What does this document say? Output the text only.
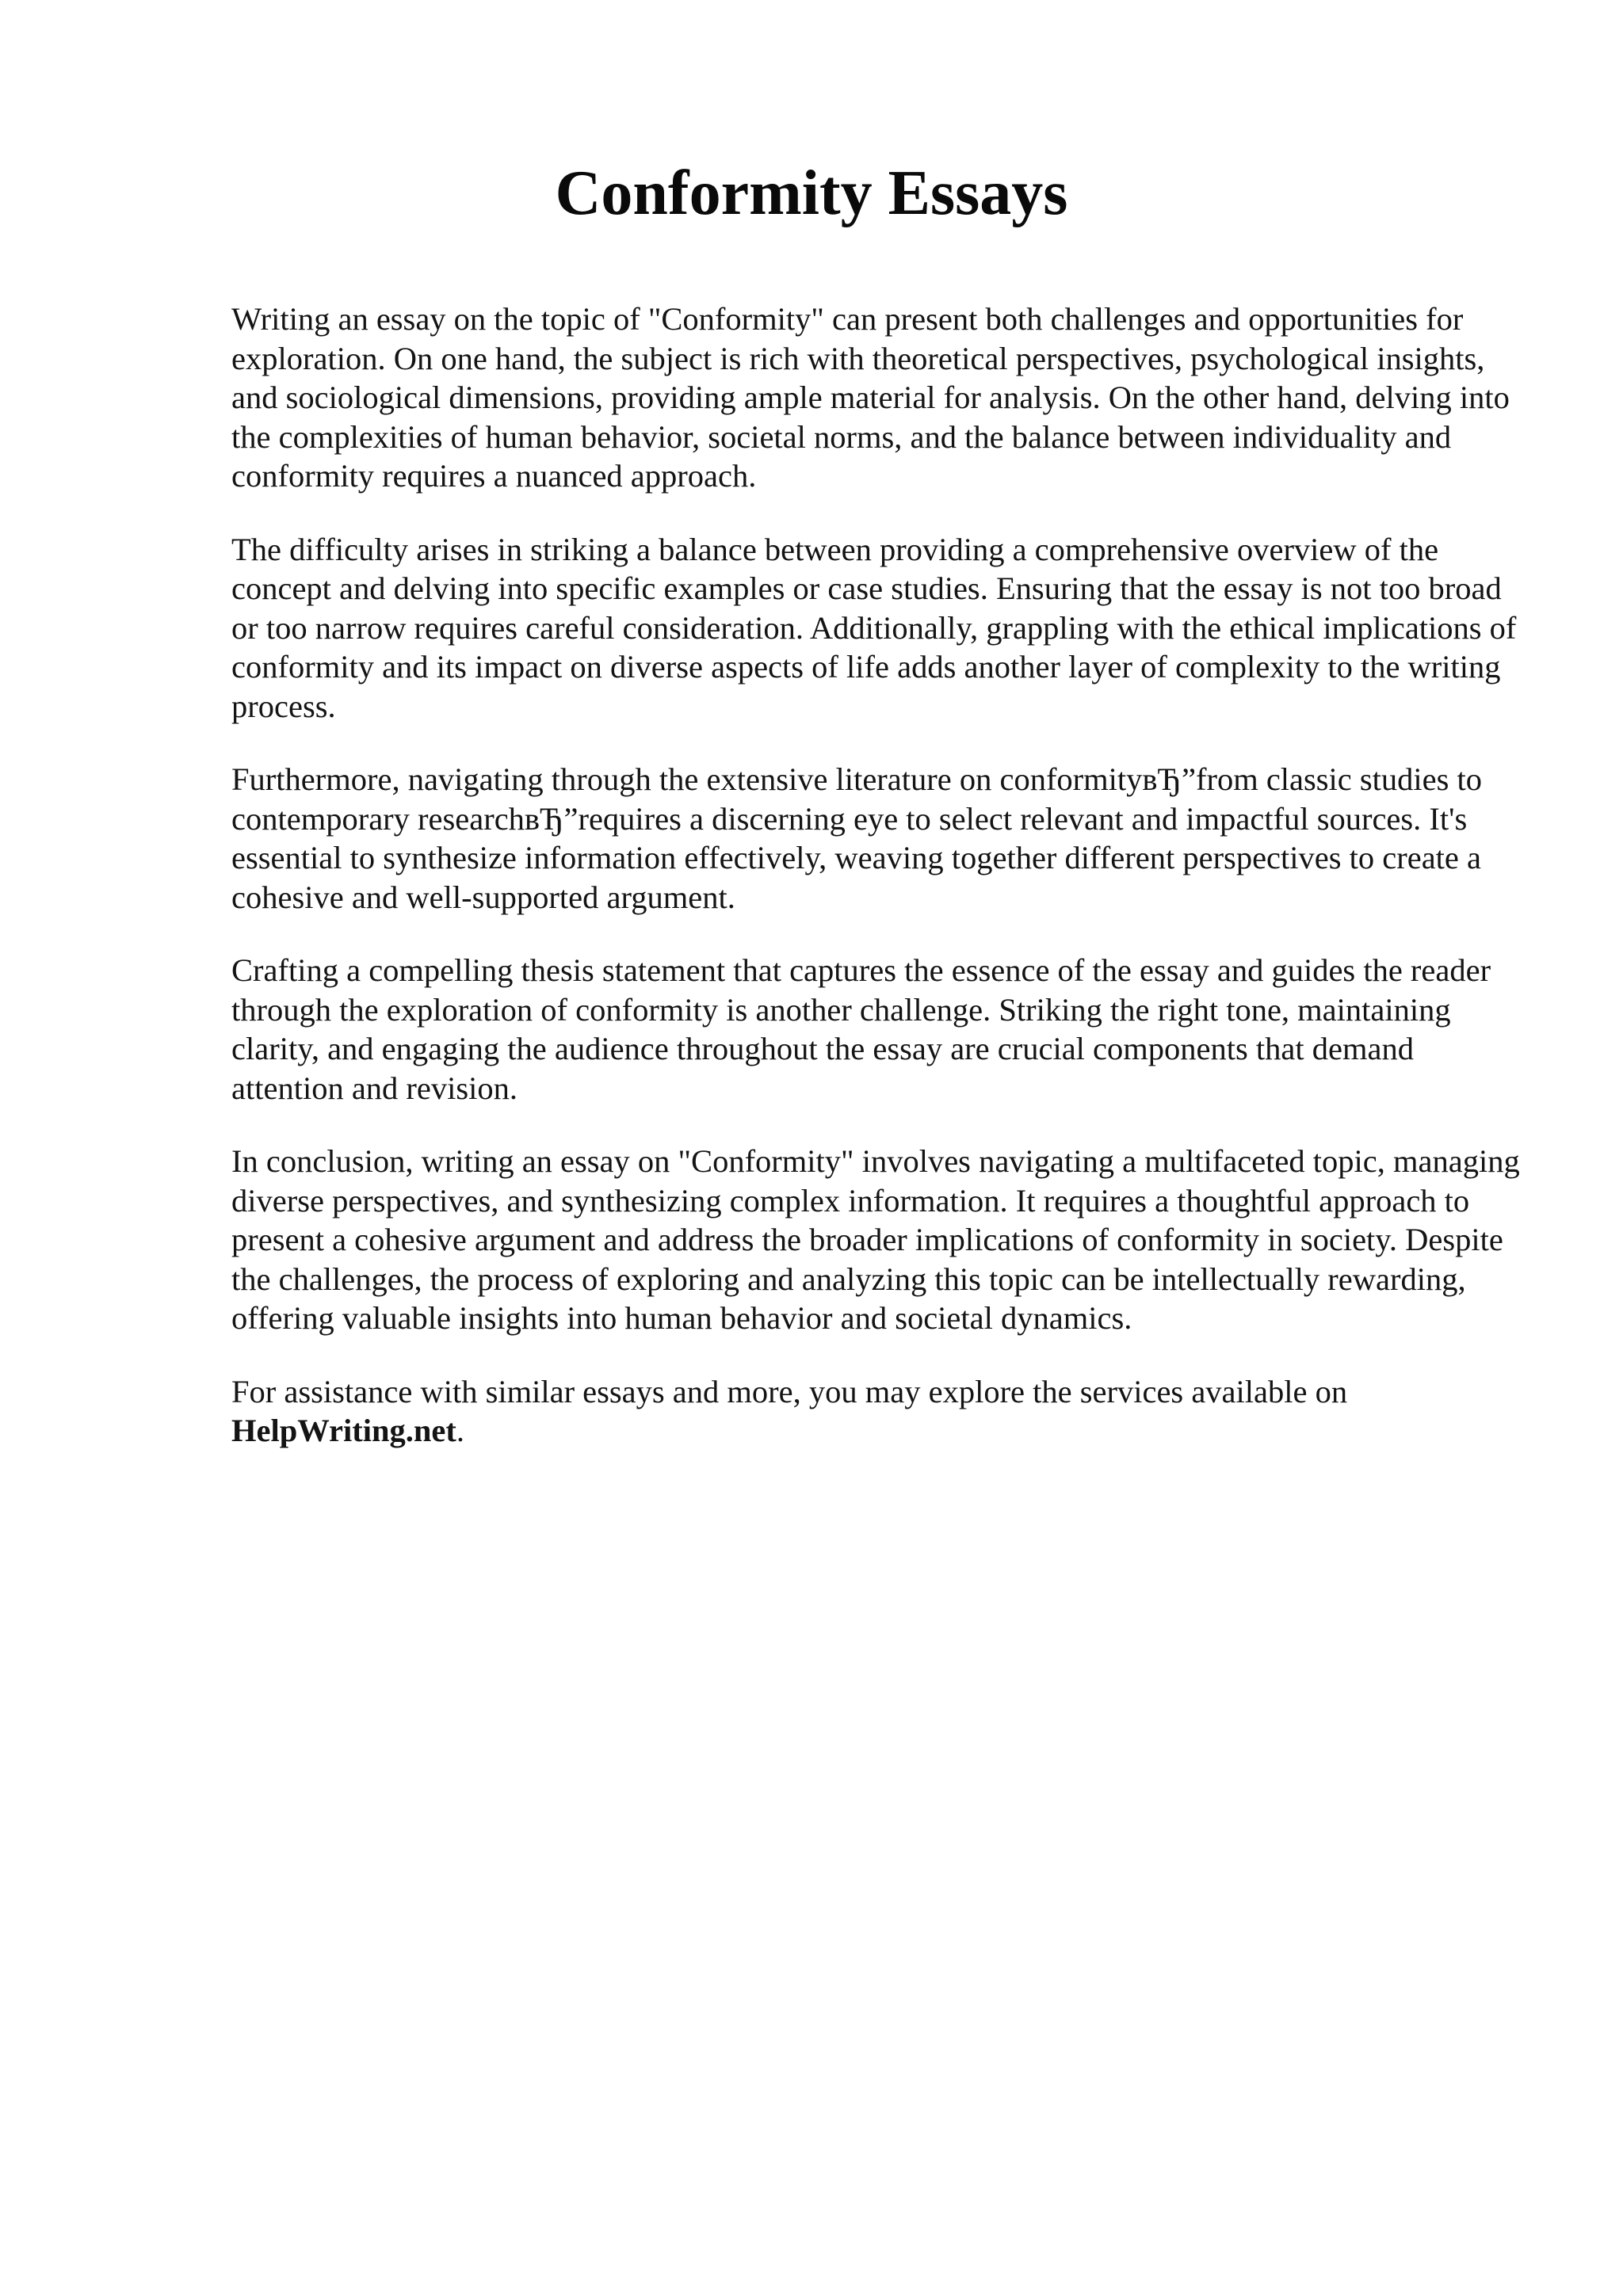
Conformity Essays

Writing an essay on the topic of "Conformity" can present both challenges and opportunities for exploration. On one hand, the subject is rich with theoretical perspectives, psychological insights, and sociological dimensions, providing ample material for analysis. On the other hand, delving into the complexities of human behavior, societal norms, and the balance between individuality and conformity requires a nuanced approach.

The difficulty arises in striking a balance between providing a comprehensive overview of the concept and delving into specific examples or case studies. Ensuring that the essay is not too broad or too narrow requires careful consideration. Additionally, grappling with the ethical implications of conformity and its impact on diverse aspects of life adds another layer of complexity to the writing process.

Furthermore, navigating through the extensive literature on conformityвЂ”from classic studies to contemporary researchвЂ”requires a discerning eye to select relevant and impactful sources. It's essential to synthesize information effectively, weaving together different perspectives to create a cohesive and well-supported argument.

Crafting a compelling thesis statement that captures the essence of the essay and guides the reader through the exploration of conformity is another challenge. Striking the right tone, maintaining clarity, and engaging the audience throughout the essay are crucial components that demand attention and revision.

In conclusion, writing an essay on "Conformity" involves navigating a multifaceted topic, managing diverse perspectives, and synthesizing complex information. It requires a thoughtful approach to present a cohesive argument and address the broader implications of conformity in society. Despite the challenges, the process of exploring and analyzing this topic can be intellectually rewarding, offering valuable insights into human behavior and societal dynamics.

For assistance with similar essays and more, you may explore the services available on HelpWriting.net.
